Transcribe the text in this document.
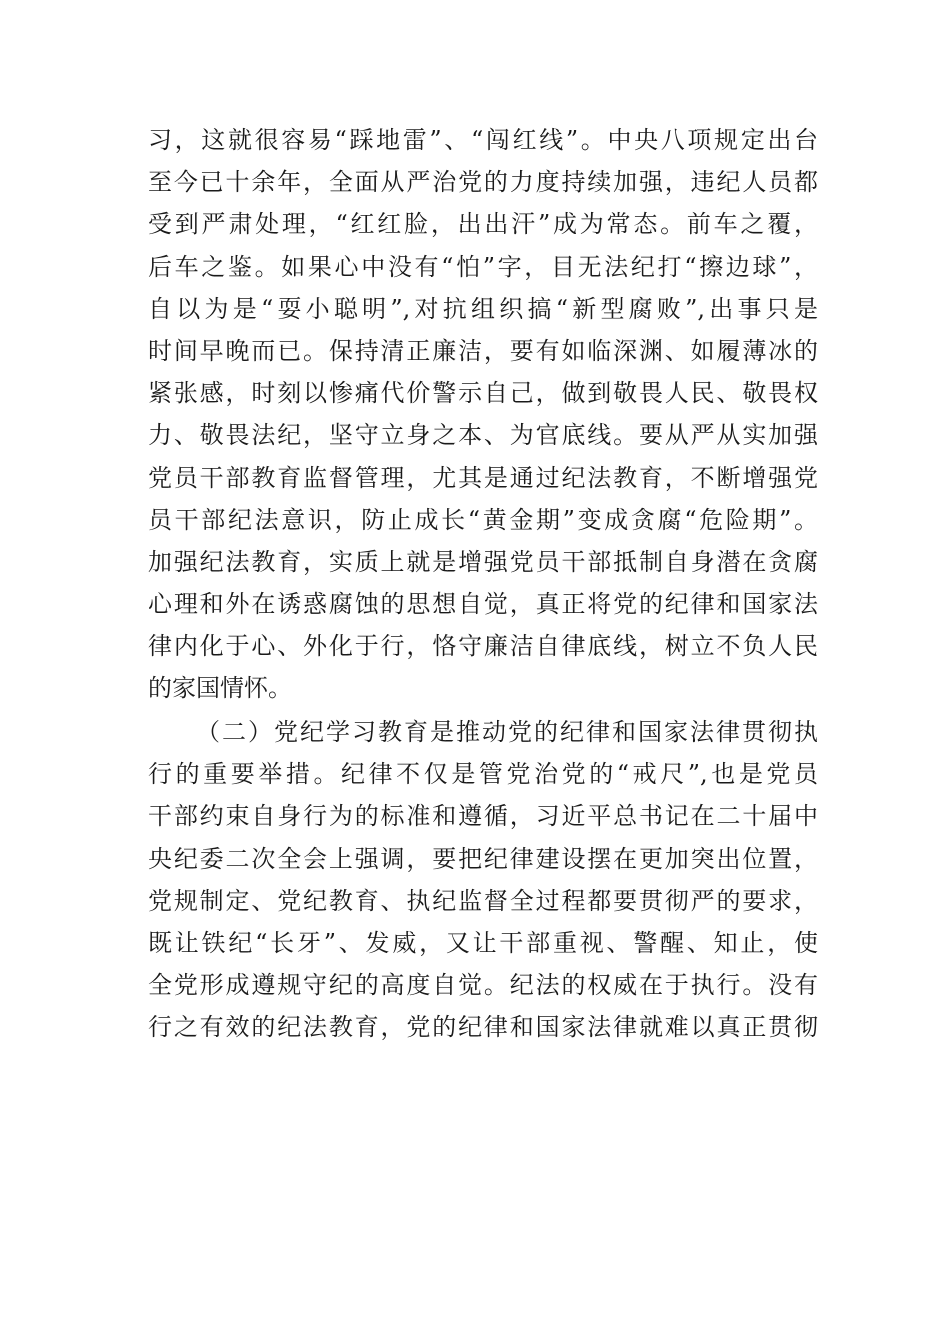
习，这就很容易“踩地雷”、“闯红线”。中央八项规定出台
至今已十余年，全面从严治党的力度持续加强，违纪人员都
受到严肃处理，“红红脸，出出汗”成为常态。前车之覆，
后车之鉴。如果心中没有“怕”字，目无法纪打“擦边球”，
自以为是“耍小聪明”,对抗组织搞“新型腐败”,出事只是
时间早晚而已。保持清正廉洁，要有如临深渊、如履薄冰的
紧张感，时刻以惨痛代价警示自己，做到敬畏人民、敬畏权
力、敬畏法纪，坚守立身之本、为官底线。要从严从实加强
党员干部教育监督管理，尤其是通过纪法教育，不断增强党
员干部纪法意识，防止成长“黄金期”变成贪腐“危险期”。
加强纪法教育，实质上就是增强党员干部抵制自身潜在贪腐
心理和外在诱惑腐蚀的思想自觉，真正将党的纪律和国家法
律内化于心、外化于行，恪守廉洁自律底线，树立不负人民
的家国情怀。
（二）党纪学习教育是推动党的纪律和国家法律贯彻执
行的重要举措。纪律不仅是管党治党的“戒尺”,也是党员
干部约束自身行为的标准和遵循，习近平总书记在二十届中
央纪委二次全会上强调，要把纪律建设摆在更加突出位置，
党规制定、党纪教育、执纪监督全过程都要贯彻严的要求，
既让铁纪“长牙”、发威，又让干部重视、警醒、知止，使
全党形成遵规守纪的高度自觉。纪法的权威在于执行。没有
行之有效的纪法教育，党的纪律和国家法律就难以真正贯彻
